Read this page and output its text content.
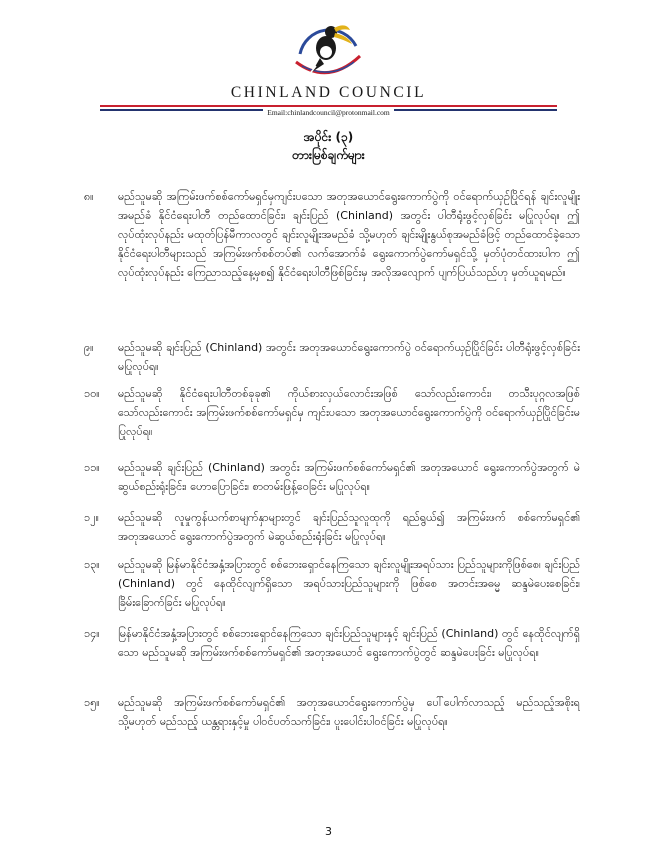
CHINLAND COUNCIL
Email:chinlandcouncil@protonmail.com
အပိုင်း (၃)
တားမြစ်ချက်များ
၈။	မည်သူမဆို အကြမ်းဖက်စစ်ကော်မရှင်မှကျင်းပသော အတုအယောင်ရွေးကောက်ပွဲကို ဝင်ရောက်ယှဉ်ပြိုင်ရန် ချင်းလူမျိုးအမည်ခံ နိုင်ငံရေးပါတီ တည်ထောင်ခြင်း၊ ချင်းပြည် (Chinland) အတွင်း ပါတီရုံးဖွင့်လှစ်ခြင်း မပြုလုပ်ရ။ ဤလုပ်ထုံးလုပ်နည်း မထုတ်ပြန်မီကာလတွင် ချင်းလူမျိုးအမည်ခံ သို့မဟုတ် ချင်းမျိုးနွယ်စုအမည်ခံဖြင့် တည်ထောင်ခဲ့သော နိုင်ငံရေးပါတီများသည် အကြမ်းဖက်စစ်တပ်၏ လက်အောက်ခံ ရွေးကောက်ပွဲကော်မရှင်သို့ မှတ်ပုံတင်ထားပါက ဤလုပ်ထုံးလုပ်နည်း ကြေညာသည့်နေ့မှစ၍ နိုင်ငံရေးပါတီဖြစ်ခြင်းမှ အလိုအလျောက် ပျက်ပြယ်သည်ဟု မှတ်ယူရမည်။
၉။	မည်သူမဆို ချင်းပြည် (Chinland) အတွင်း အတုအယောင်ရွေးကောက်ပွဲ ဝင်ရောက်ယှဉ်ပြိုင်ခြင်း ပါတီရုံးဖွင့်လှစ်ခြင်း မပြုလုပ်ရ။
၁၀။	မည်သူမဆို နိုင်ငံရေးပါတီတစ်ခုခု၏ ကိုယ်စားလှယ်လောင်းအဖြစ် သော်လည်းကောင်း၊ တသီးပုဂ္ဂလအဖြစ် သော်လည်းကောင်း အကြမ်းဖက်စစ်ကော်မရှင်မှ ကျင်းပသော အတုအယောင်ရွေးကောက်ပွဲကို ဝင်ရောက်ယှဉ်ပြိုင်ခြင်းမပြုလုပ်ရ။
၁၁။	မည်သူမဆို ချင်းပြည် (Chinland) အတွင်း အကြမ်းဖက်စစ်ကော်မရှင်၏ အတုအယောင် ရွေးကောက်ပွဲအတွက် မဲဆွယ်စည်းရုံးခြင်း၊ ဟောပြောခြင်း၊ စာတမ်းဖြန့်ဝေခြင်း မပြုလုပ်ရ။
၁၂။	မည်သူမဆို လူမှုကွန်ယက်စာမျက်နှာများတွင် ချင်းပြည်သူလူထုကို ရည်ရွယ်၍ အကြမ်းဖက် စစ်ကော်မရှင်၏ အတုအယောင် ရွေးကောက်ပွဲအတွက် မဲဆွယ်စည်းရုံးခြင်း မပြုလုပ်ရ။
၁၃။	မည်သူမဆို မြန်မာနိုင်ငံအနှံ့အပြားတွင် စစ်ဘေးရှောင်နေကြသော ချင်းလူမျိုးအရပ်သား ပြည်သူများကိုဖြစ်စေ၊ ချင်းပြည် (Chinland) တွင် နေထိုင်လျက်ရှိသော အရပ်သားပြည်သူများကို ဖြစ်စေ အတင်းအဓမ္မ ဆန္ဒမဲပေးစေခြင်း၊ ခြိမ်းခြောက်ခြင်း မပြုလုပ်ရ။
၁၄။	မြန်မာနိုင်ငံအနှံ့အပြားတွင် စစ်ဘေးရှောင်နေကြသော ချင်းပြည်သူများနှင့် ချင်းပြည် (Chinland) တွင် နေထိုင်လျက်ရှိသော မည်သူမဆို အကြမ်းဖက်စစ်ကော်မရှင်၏ အတုအယောင် ရွေးကောက်ပွဲတွင် ဆန္ဒမဲပေးခြင်း မပြုလုပ်ရ။
၁၅။	မည်သူမဆို အကြမ်းဖက်စစ်ကော်မရှင်၏ အတုအယောင်ရွေးကောက်ပွဲမှ ပေါ်ပေါက်လာသည့် မည်သည့်အစိုးရ သို့မဟုတ် မည်သည့် ယန္တရားနှင့်မှု ပါဝင်ပတ်သက်ခြင်း၊ ပူးပေါင်းပါဝင်ခြင်း မပြုလုပ်ရ။
3
